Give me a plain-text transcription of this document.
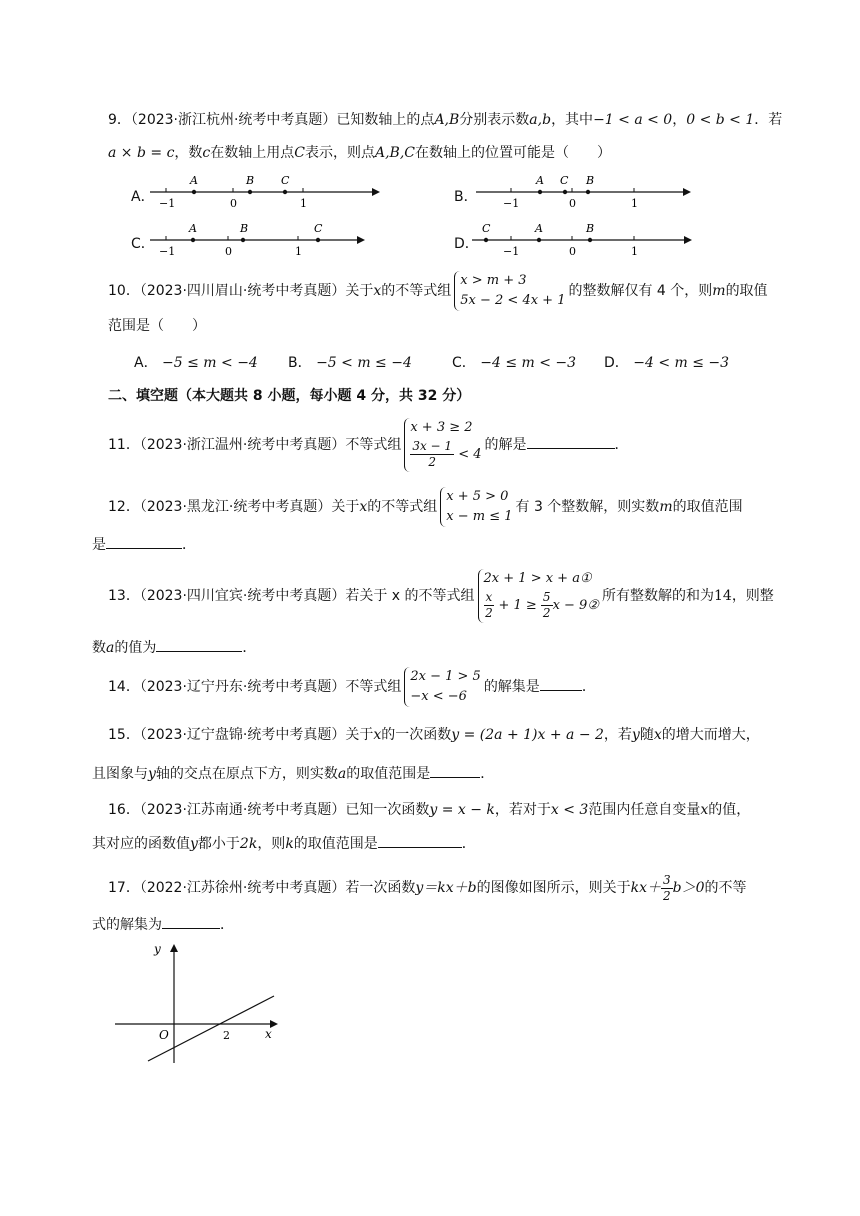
9．（2023·浙江杭州·统考中考真题）已知数轴上的点A,B分别表示数a,b，其中−1 < a < 0，0 < b < 1．若
a × b = c，数c在数轴上用点C表示，则点A,B,C在数轴上的位置可能是（　　）
A．
A	B C
−1	0	1	B．
A C B
−1	0	1
C．
A	B	C
−1	0	1	D．
C	A	B
−1	0	1
10．（2023·四川眉山·统考中考真题）关于x的不等式组
x > m + 3
5x − 2 < 4x + 1
的整数解仅有 4 个，则m的取值
范围是（　　）
A． −5 ≤ m < −4 B． −5 < m ≤ −4	C． −4 ≤ m < −3 D． −4 < m ≤ −3
二、填空题（本大题共 8 小题，每小题 4 分，共 32 分）
11．（2023·浙江温州·统考中考真题）不等式组
x + 3 ≥ 2
$\frac{3x - 1}{2} < 4$
的解是	．
12．（2023·黑龙江·统考中考真题）关于x的不等式组
x + 5 > 0
x − m ≤ 1
有 3 个整数解，则实数m的取值范围
是	．
13．（2023·四川宜宾·统考中考真题）若关于 x 的不等式组
2x + 1 > x + a①
$\frac{x}{2} + 1 \ge \frac{5}{2}$ x − 9②
所有整数解的和为14，则整
数a的值为	．
14．（2023·辽宁丹东·统考中考真题）不等式组
2x − 1 > 5
−x < −6
的解集是	．
15．（2023·辽宁盘锦·统考中考真题）关于x的一次函数y = (2a + 1)x + a − 2，若y随x的增大而增大，
且图象与y轴的交点在原点下方，则实数a的取值范围是	．
16．（2023·江苏南通·统考中考真题）已知一次函数y = x − k，若对于x < 3范围内任意自变量x的值，
其对应的函数值y都小于2k，则k的取值范围是	．
17．（2022·江苏徐州·统考中考真题）若一次函数y＝kx＋b的图像如图所示，则关于$kx+ \frac{3}{2} b>0$的不等
式的解集为	．
y
x
O	2
